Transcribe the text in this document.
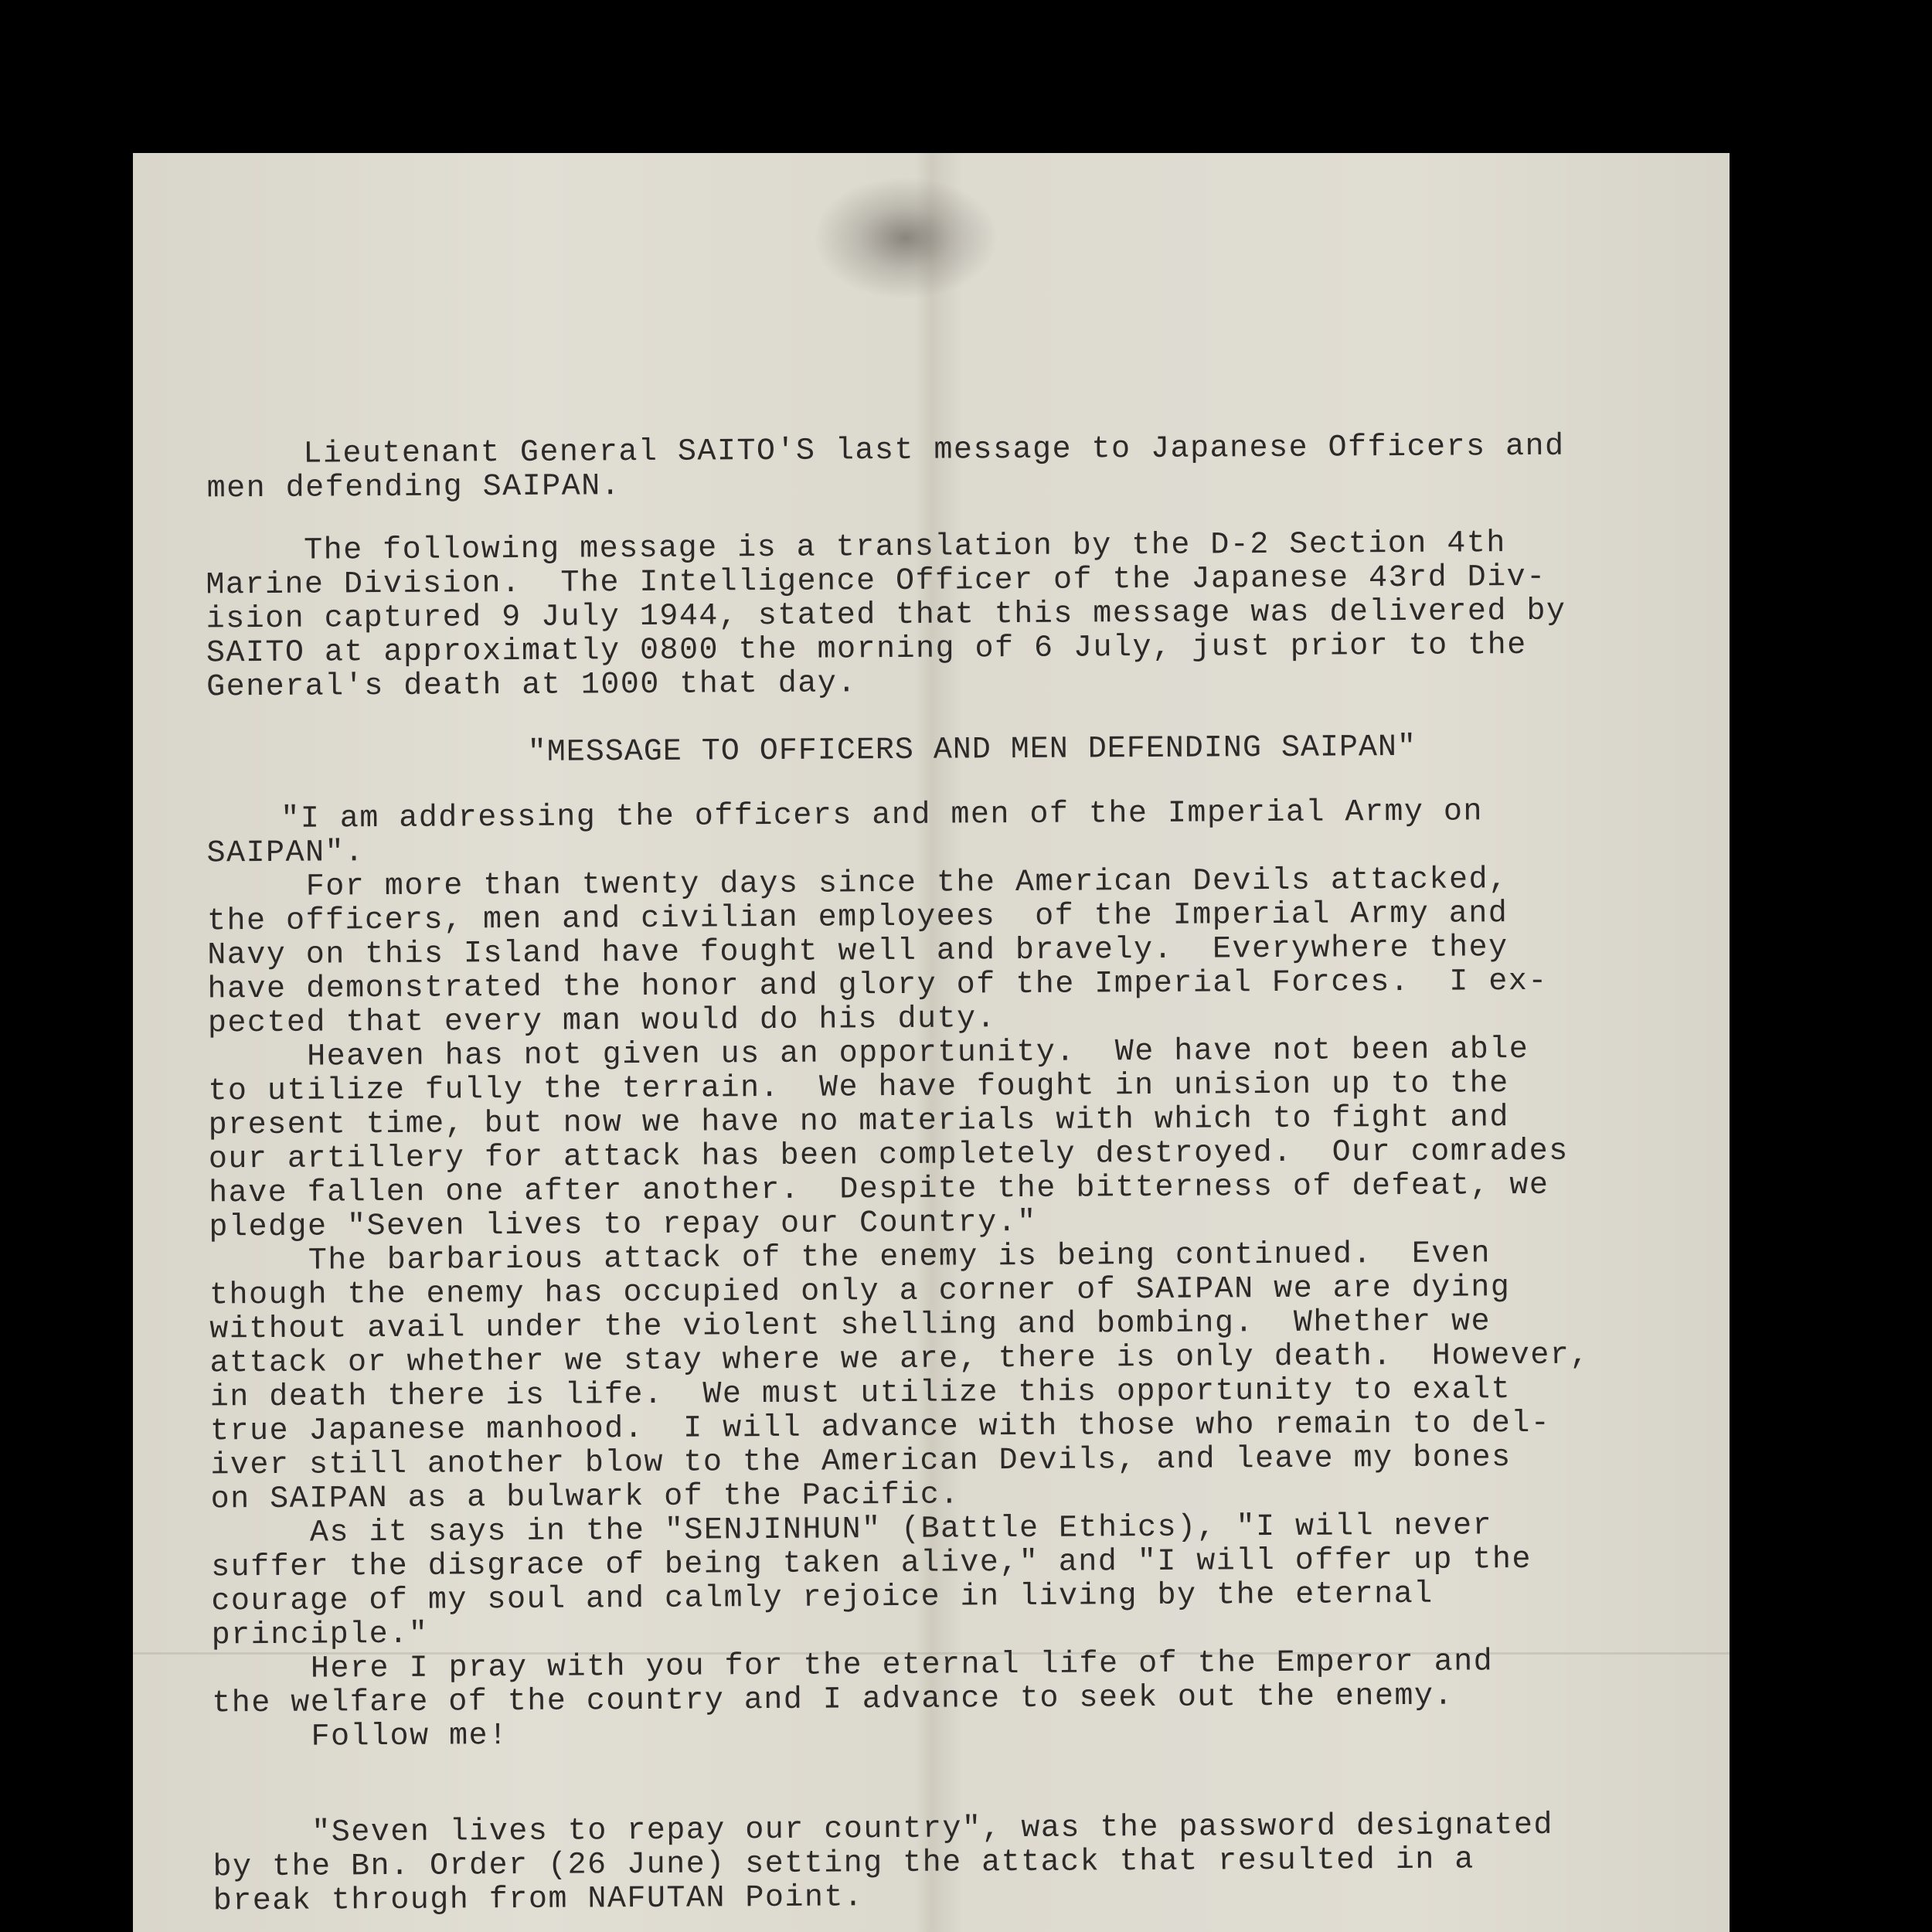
Lieutenant General SAITO'S last message to Japanese Officers and
men defending SAIPAN.
The following message is a translation by the D-2 Section 4th
Marine Division.  The Intelligence Officer of the Japanese 43rd Div-
ision captured 9 July 1944, stated that this message was delivered by
SAITO at approximatly 0800 the morning of 6 July, just prior to the
General's death at 1000 that day.
"MESSAGE TO OFFICERS AND MEN DEFENDING SAIPAN"
"I am addressing the officers and men of the Imperial Army on
SAIPAN".
For more than twenty days since the American Devils attacked,
the officers, men and civilian employees  of the Imperial Army and
Navy on this Island have fought well and bravely.  Everywhere they
have demonstrated the honor and glory of the Imperial Forces.  I ex-
pected that every man would do his duty.
Heaven has not given us an opportunity.  We have not been able
to utilize fully the terrain.  We have fought in unision up to the
present time, but now we have no materials with which to fight and
our artillery for attack has been completely destroyed.  Our comrades
have fallen one after another.  Despite the bitterness of defeat, we
pledge "Seven lives to repay our Country."
The barbarious attack of the enemy is being continued.  Even
though the enemy has occupied only a corner of SAIPAN we are dying
without avail under the violent shelling and bombing.  Whether we
attack or whether we stay where we are, there is only death.  However,
in death there is life.  We must utilize this opportunity to exalt
true Japanese manhood.  I will advance with those who remain to del-
iver still another blow to the American Devils, and leave my bones
on SAIPAN as a bulwark of the Pacific.
As it says in the "SENJINHUN" (Battle Ethics), "I will never
suffer the disgrace of being taken alive," and "I will offer up the
courage of my soul and calmly rejoice in living by the eternal
principle."
Here I pray with you for the eternal life of the Emperor and
the welfare of the country and I advance to seek out the enemy.
Follow me!
"Seven lives to repay our country", was the password designated
by the Bn. Order (26 June) setting the attack that resulted in a
break through from NAFUTAN Point.
